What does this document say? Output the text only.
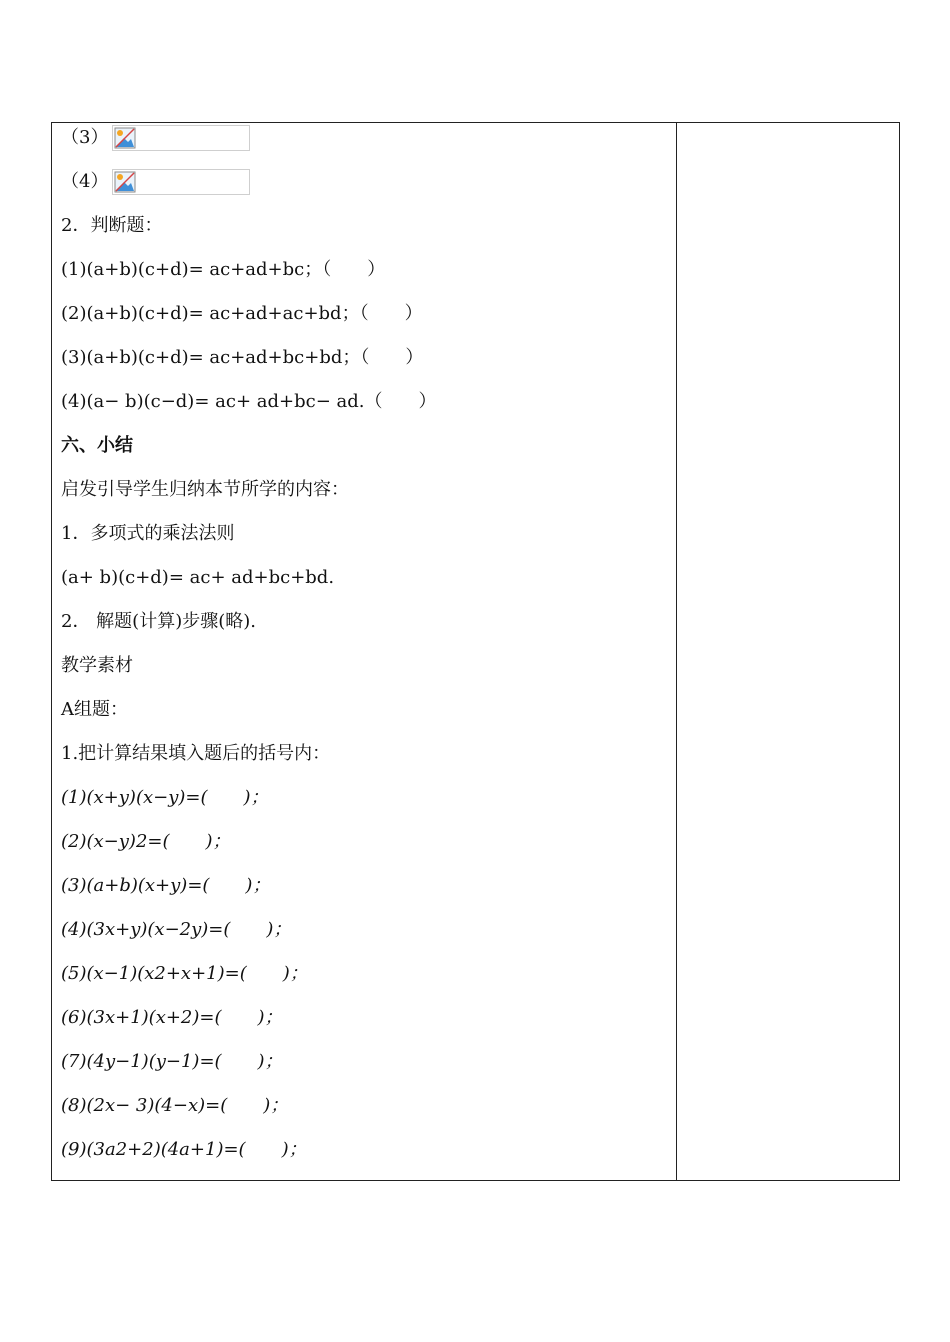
（3）

（4）

2．判断题：
(1)(a+b)(c+d)= ac+ad+bc；（　　）
(2)(a+b)(c+d)= ac+ad+ac+bd；（　　）
(3)(a+b)(c+d)= ac+ad+bc+bd；（　　）
(4)(a− b)(c−d)= ac+ ad+bc− ad.（　　）
六、小结
启发引导学生归纳本节所学的内容：
1．多项式的乘法法则
(a+ b)(c+d)= ac+ ad+bc+bd.
2． 解题(计算)步骤(略).
教学素材
A组题：
1.把计算结果填入题后的括号内：
(1)(x+y)(x−y)=(　　)；
(2)(x−y)2=(　　)；
(3)(a+b)(x+y)=(　　)；
(4)(3x+y)(x−2y)=(　　)；
(5)(x−1)(x2+x+1)=(　　)；
(6)(3x+1)(x+2)=(　　)；
(7)(4y−1)(y−1)=(　　)；
(8)(2x− 3)(4−x)=(　　)；
(9)(3a2+2)(4a+1)=(　　)；
